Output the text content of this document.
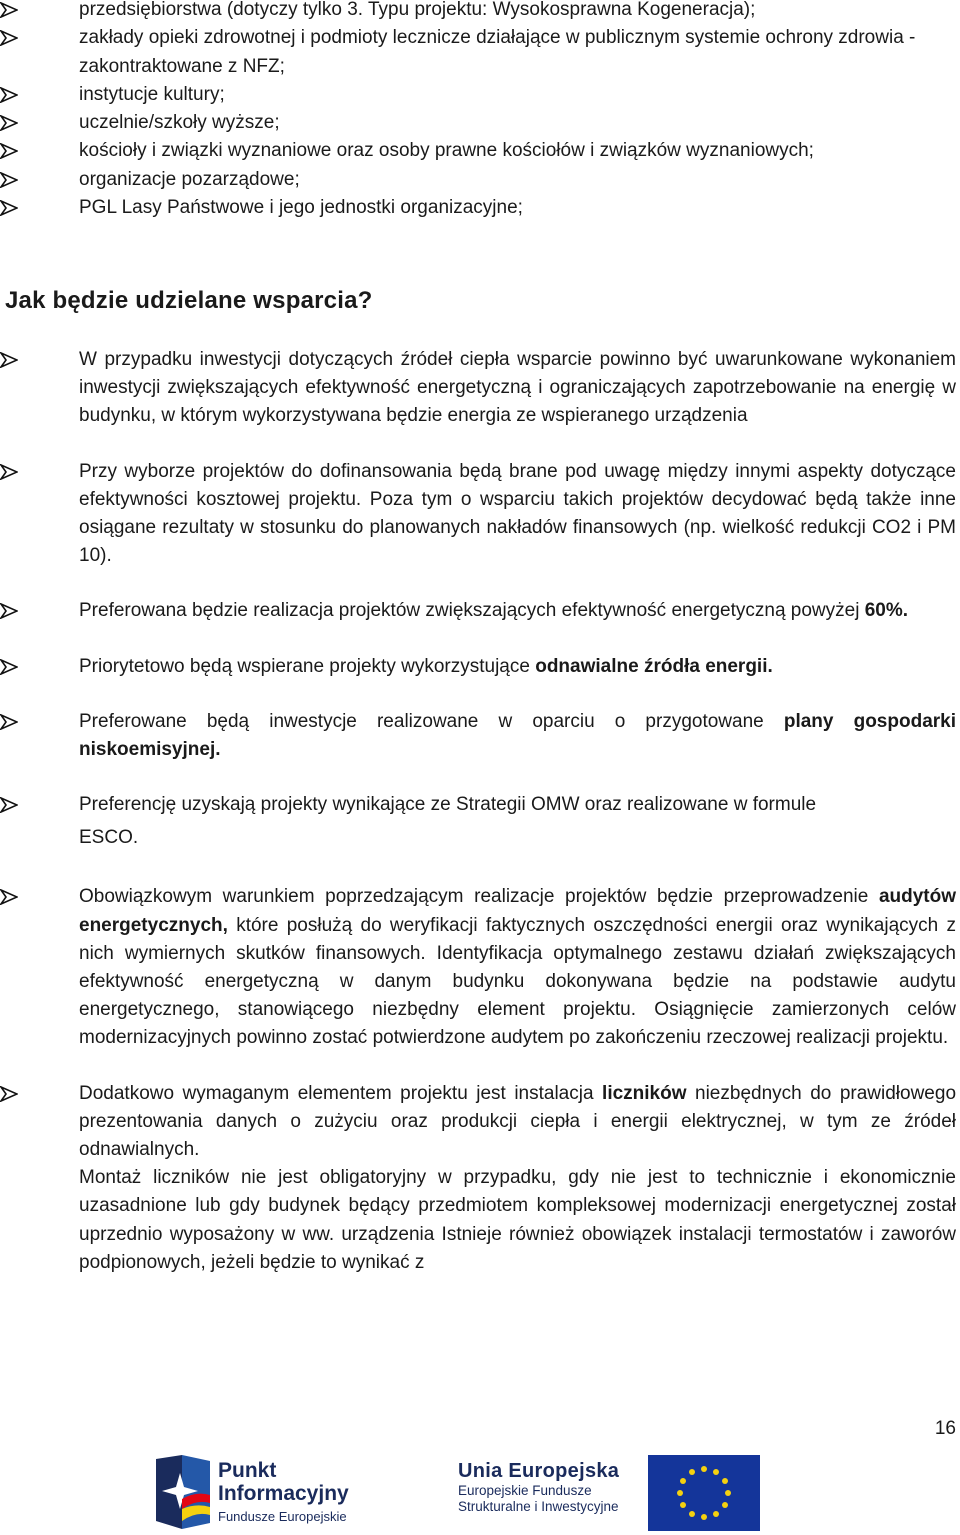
przedsiębiorstwa (dotyczy tylko 3. Typu projektu: Wysokosprawna Kogeneracja);
zakłady opieki zdrowotnej i podmioty lecznicze działające w publicznym systemie ochrony zdrowia - zakontraktowane z NFZ;
instytucje kultury;
uczelnie/szkoły wyższe;
kościoły i związki wyznaniowe oraz osoby prawne kościołów i związków wyznaniowych;
organizacje pozarządowe;
PGL Lasy Państwowe i jego jednostki organizacyjne;
Jak będzie udzielane wsparcia?

W przypadku inwestycji dotyczących źródeł ciepła wsparcie powinno być uwarunkowane wykonaniem inwestycji zwiększających efektywność energetyczną i ograniczających zapotrzebowanie na energię w budynku, w którym wykorzystywana będzie energia ze wspieranego urządzenia

Przy wyborze projektów do dofinansowania będą brane pod uwagę między innymi aspekty dotyczące efektywności kosztowej projektu. Poza tym o wsparciu takich projektów decydować będą także inne osiągane rezultaty w stosunku do planowanych nakładów finansowych (np. wielkość redukcji CO2 i PM 10).

Preferowana będzie realizacja projektów zwiększających efektywność energetyczną powyżej 60%.

Priorytetowo będą wspierane projekty wykorzystujące odnawialne źródła energii.

Preferowane będą inwestycje realizowane w oparciu o przygotowane plany gospodarki niskoemisyjnej.

Preferencję uzyskają projekty wynikające ze Strategii OMW oraz realizowane w formule
ESCO.

Obowiązkowym warunkiem poprzedzającym realizacje projektów będzie przeprowadzenie audytów energetycznych, które posłużą do weryfikacji faktycznych oszczędności energii oraz wynikających z nich wymiernych skutków finansowych. Identyfikacja optymalnego zestawu działań zwiększających efektywność energetyczną w danym budynku dokonywana będzie na podstawie audytu energetycznego, stanowiącego niezbędny element projektu. Osiągnięcie zamierzonych celów modernizacyjnych powinno zostać potwierdzone audytem po zakończeniu rzeczowej realizacji projektu.

Dodatkowo wymaganym elementem projektu jest instalacja liczników niezbędnych do prawidłowego prezentowania danych o zużyciu oraz produkcji ciepła i energii elektrycznej, w tym ze źródeł odnawialnych.

Montaż liczników nie jest obligatoryjny w przypadku, gdy nie jest to technicznie i ekonomicznie uzasadnione lub gdy budynek będący przedmiotem kompleksowej modernizacji energetycznej został uprzednio wyposażony w ww. urządzenia Istnieje również obowiązek instalacji termostatów i zaworów podpionowych, jeżeli będzie to wynikać z

16
Punkt
Informacyjny
Fundusze Europejskie
Unia Europejska
Europejskie Fundusze
Strukturalne i Inwestycyjne
